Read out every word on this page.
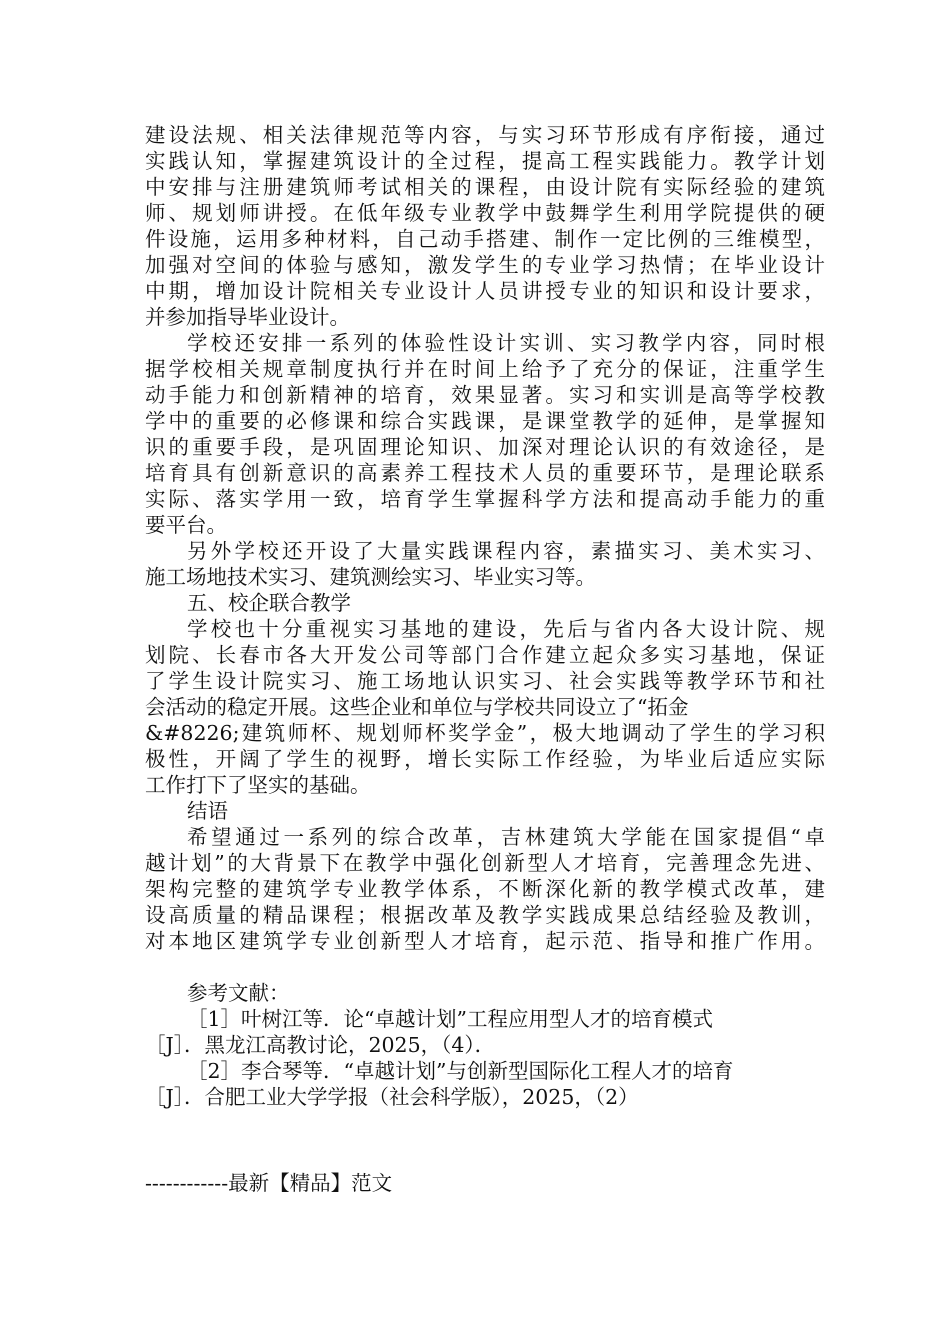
建设法规、相关法律规范等内容，与实习环节形成有序衔接，通过
实践认知，掌握建筑设计的全过程，提高工程实践能力。教学计划
中安排与注册建筑师考试相关的课程，由设计院有实际经验的建筑
师、规划师讲授。在低年级专业教学中鼓舞学生利用学院提供的硬
件设施，运用多种材料，自己动手搭建、制作一定比例的三维模型，
加强对空间的体验与感知，激发学生的专业学习热情；在毕业设计
中期，增加设计院相关专业设计人员讲授专业的知识和设计要求，
并参加指导毕业设计。
学校还安排一系列的体验性设计实训、实习教学内容，同时根
据学校相关规章制度执行并在时间上给予了充分的保证，注重学生
动手能力和创新精神的培育，效果显著。实习和实训是高等学校教
学中的重要的必修课和综合实践课，是课堂教学的延伸，是掌握知
识的重要手段，是巩固理论知识、加深对理论认识的有效途径，是
培育具有创新意识的高素养工程技术人员的重要环节，是理论联系
实际、落实学用一致，培育学生掌握科学方法和提高动手能力的重
要平台。
另外学校还开设了大量实践课程内容，素描实习、美术实习、
施工场地技术实习、建筑测绘实习、毕业实习等。
五、校企联合教学
学校也十分重视实习基地的建设，先后与省内各大设计院、规
划院、长春市各大开发公司等部门合作建立起众多实习基地，保证
了学生设计院实习、施工场地认识实习、社会实践等教学环节和社
会活动的稳定开展。这些企业和单位与学校共同设立了“拓金
&#8226;建筑师杯、规划师杯奖学金”，极大地调动了学生的学习积
极性，开阔了学生的视野，增长实际工作经验，为毕业后适应实际
工作打下了坚实的基础。
结语
希望通过一系列的综合改革，吉林建筑大学能在国家提倡“卓
越计划”的大背景下在教学中强化创新型人才培育，完善理念先进、
架构完整的建筑学专业教学体系，不断深化新的教学模式改革，建
设高质量的精品课程；根据改革及教学实践成果总结经验及教训，
对本地区建筑学专业创新型人才培育，起示范、指导和推广作用。
参考文献：
［1］叶树江等．论“卓越计划”工程应用型人才的培育模式
［J］．黑龙江高教讨论，2025，（4）．
［2］李合琴等．“卓越计划”与创新型国际化工程人才的培育
［J］．合肥工业大学学报（社会科学版），2025，（2）
------------最新【精品】范文
